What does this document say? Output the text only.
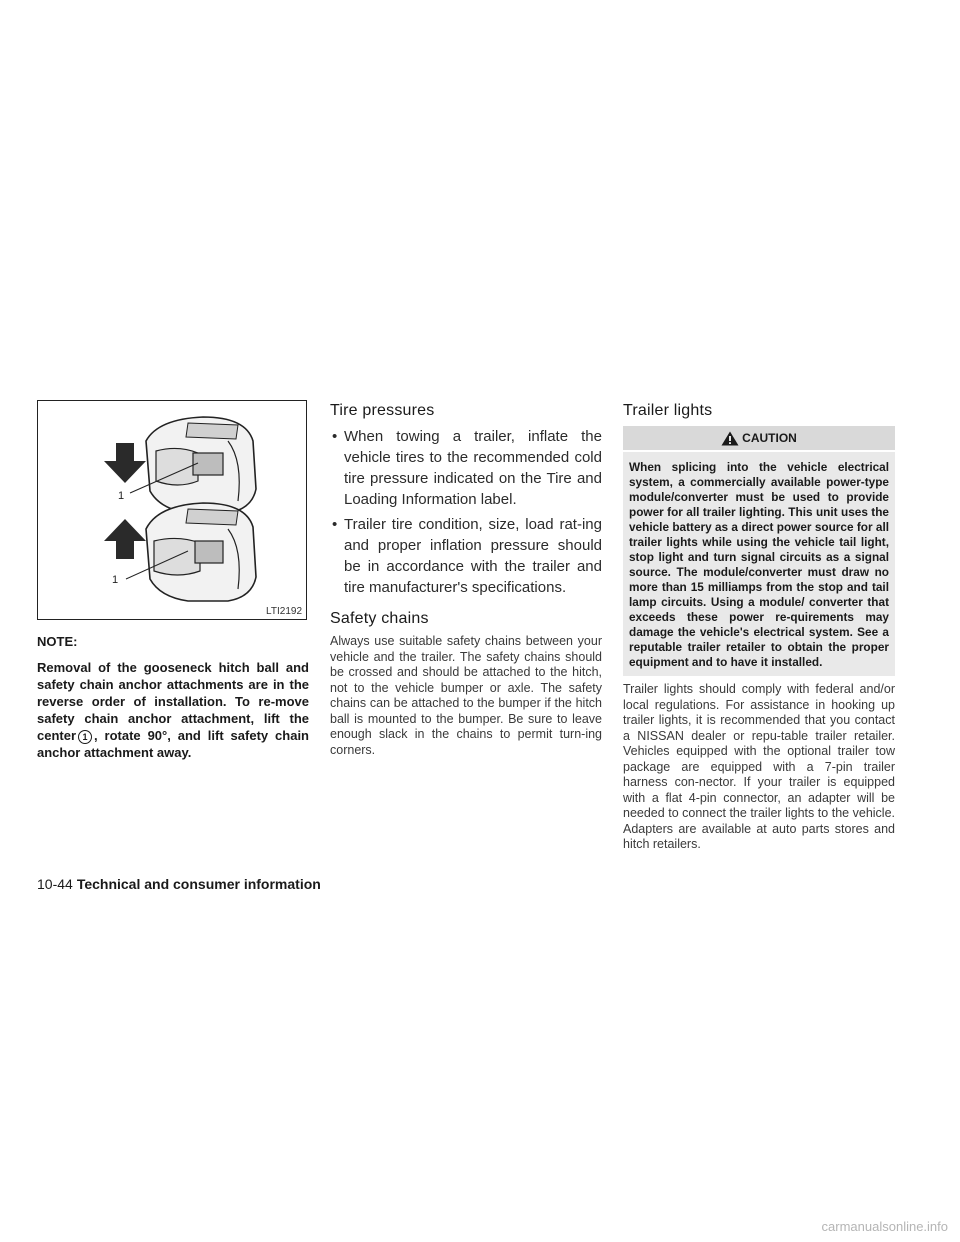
1
1
LTI2192
NOTE:

Removal of the gooseneck hitch ball and safety chain anchor attachments are in the reverse order of installation. To re-move safety chain anchor attachment, lift the center 1 , rotate 90°, and lift safety chain anchor attachment away.

Tire pressures
• When towing a trailer, inflate the vehicle tires to the recommended cold tire pressure indicated on the Tire and Loading Information label.
• Trailer tire condition, size, load rat-ing and proper inflation pressure should be in accordance with the trailer and tire manufacturer's specifications.
Safety chains

Always use suitable safety chains between your vehicle and the trailer. The safety chains should be crossed and should be attached to the hitch, not to the vehicle bumper or axle. The safety chains can be attached to the bumper if the hitch ball is mounted to the bumper. Be sure to leave enough slack in the chains to permit turn-ing corners.

Trailer lights
CAUTION
When splicing into the vehicle electrical system, a commercially available power-type module/converter must be used to provide power for all trailer lighting. This unit uses the vehicle battery as a direct power source for all trailer lights while using the vehicle tail light, stop light and turn signal circuits as a signal source. The module/converter must draw no more than 15 milliamps from the stop and tail lamp circuits. Using a module/ converter that exceeds these power re-quirements may damage the vehicle's electrical system. See a reputable trailer retailer to obtain the proper equipment and to have it installed.

Trailer lights should comply with federal and/or local regulations. For assistance in hooking up trailer lights, it is recommended that you contact a NISSAN dealer or repu-table trailer retailer. Vehicles equipped with the optional trailer tow package are equipped with a 7-pin trailer harness con-nector. If your trailer is equipped with a flat 4-pin connector, an adapter will be needed to connect the trailer lights to the vehicle. Adapters are available at auto parts stores and hitch retailers.

10-44 Technical and consumer information
carmanualsonline.info
